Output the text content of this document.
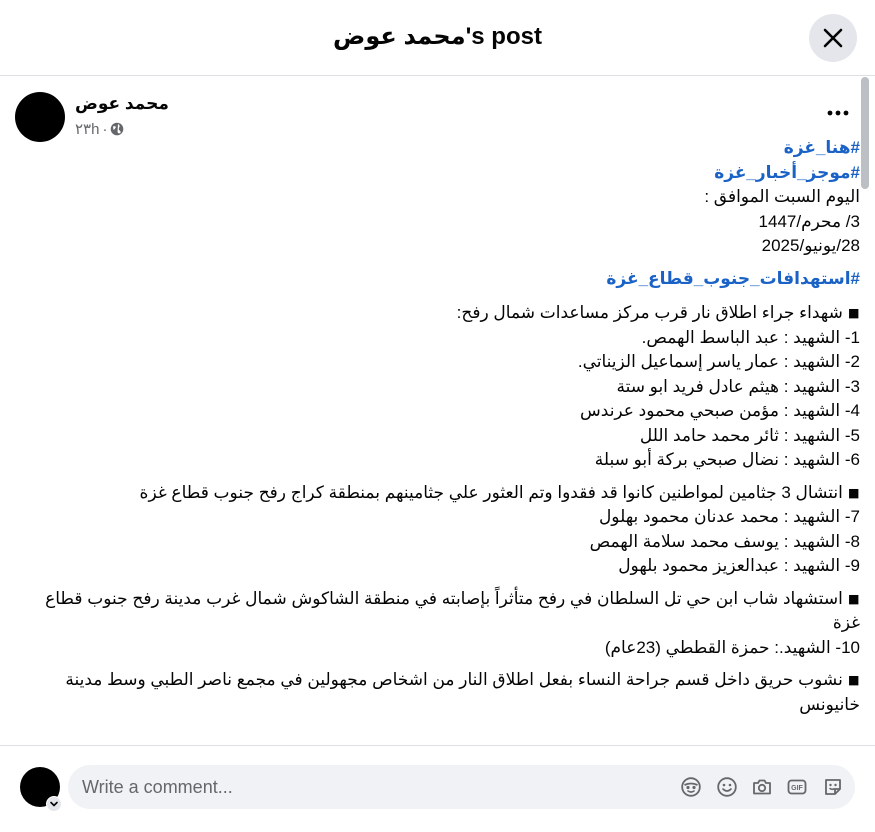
محمد عوض's post
محمد عوض
٢٣h ·
#هنا_غزة
#موجز_أخبار_غزة
اليوم السبت الموافق :
3/ محرم/1447
28/يونيو/2025
#استهدافات_جنوب_قطاع_غزة
◾ شهداء جراء اطلاق نار قرب مركز مساعدات شمال رفح:
1- الشهيد : عبد الباسط الهمص.
2- الشهيد : عمار ياسر إسماعيل الزيناتي.
3- الشهيد : هيثم عادل فريد ابو ستة
4- الشهيد : مؤمن صبحي محمود عرندس
5- الشهيد : ثائر محمد حامد اللل
6- الشهيد : نضال صبحي بركة أبو سبلة
◾ انتشال 3 جثامين لمواطنين كانوا قد فقدوا وتم العثور علي جثامينهم بمنطقة كراج رفح جنوب قطاع غزة
7- الشهيد : محمد عدنان محمود بهلول
8- الشهيد : يوسف محمد سلامة الهمص
9- الشهيد : عبدالعزيز محمود بلهول
◾ استشهاد شاب ابن حي تل السلطان في رفح متأثراً بإصابته في منطقة الشاكوش شمال غرب مدينة رفح جنوب قطاع غزة
10- الشهيد.: حمزة القططي (23عام)
◾ نشوب حريق داخل قسم جراحة النساء بفعل اطلاق النار من اشخاص مجهولين في مجمع ناصر الطبي وسط مدينة خانيونس
Write a comment...
GIF
